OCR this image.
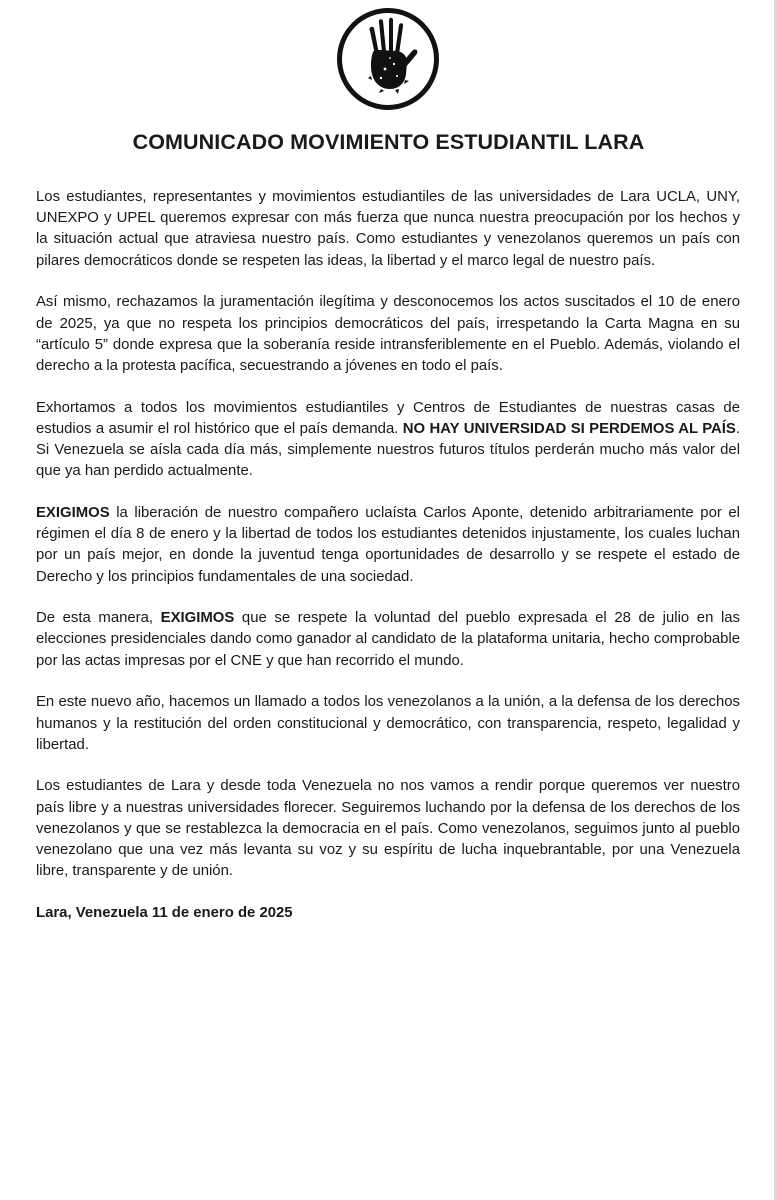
COMUNICADO MOVIMIENTO ESTUDIANTIL LARA

Los estudiantes, representantes y movimientos estudiantiles de las universidades de Lara UCLA, UNY, UNEXPO y UPEL queremos expresar con más fuerza que nunca nuestra preocupación por los hechos y la situación actual que atraviesa nuestro país. Como estudiantes y venezolanos queremos un país con pilares democráticos donde se respeten las ideas, la libertad y el marco legal de nuestro país.

Así mismo, rechazamos la juramentación ilegítima y desconocemos los actos suscitados el 10 de enero de 2025, ya que no respeta los principios democráticos del país, irrespetando la Carta Magna en su “artículo 5” donde expresa que la soberanía reside intransferiblemente en el Pueblo. Además, violando el derecho a la protesta pacífica, secuestrando a jóvenes en todo el país.

Exhortamos a todos los movimientos estudiantiles y Centros de Estudiantes de nuestras casas de estudios a asumir el rol histórico que el país demanda. NO HAY UNIVERSIDAD SI PERDEMOS AL PAÍS. Si Venezuela se aísla cada día más, simplemente nuestros futuros títulos perderán mucho más valor del que ya han perdido actualmente.

EXIGIMOS la liberación de nuestro compañero uclaísta Carlos Aponte, detenido arbitrariamente por el régimen el día 8 de enero y la libertad de todos los estudiantes detenidos injustamente, los cuales luchan por un país mejor, en donde la juventud tenga oportunidades de desarrollo y se respete el estado de Derecho y los principios fundamentales de una sociedad.

De esta manera, EXIGIMOS que se respete la voluntad del pueblo expresada el 28 de julio en las elecciones presidenciales dando como ganador al candidato de la plataforma unitaria, hecho comprobable por las actas impresas por el CNE y que han recorrido el mundo.

En este nuevo año, hacemos un llamado a todos los venezolanos a la unión, a la defensa de los derechos humanos y la restitución del orden constitucional y democrático, con transparencia, respeto, legalidad y libertad.

Los estudiantes de Lara y desde toda Venezuela no nos vamos a rendir porque queremos ver nuestro país libre y a nuestras universidades florecer. Seguiremos luchando por la defensa de los derechos de los venezolanos y que se restablezca la democracia en el país. Como venezolanos, seguimos junto al pueblo venezolano que una vez más levanta su voz y su espíritu de lucha inquebrantable, por una Venezuela libre, transparente y de unión.

Lara, Venezuela 11 de enero de 2025
